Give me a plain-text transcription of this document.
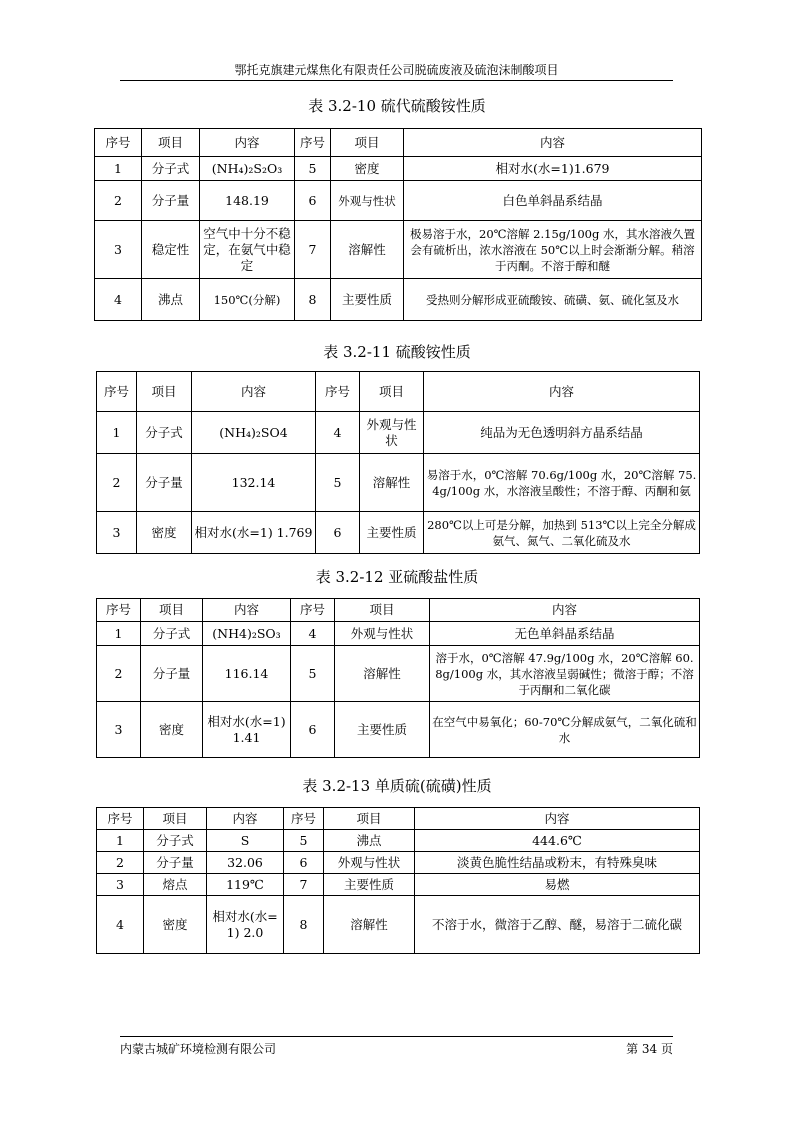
鄂托克旗建元煤焦化有限责任公司脱硫废液及硫泡沫制酸项目
表 3.2-10 硫代硫酸铵性质
序号	项目	内容	序号	项目	内容
1	分子式	(NH₄)₂S₂O₃	5	密度	相对水(水=1)1.679
2	分子量	148.19	6	外观与性状	白色单斜晶系结晶
3	稳定性	空气中十分不稳定，在氨气中稳定	7	溶解性	极易溶于水，20℃溶解 2.15g/100g 水，其水溶液久置会有硫析出，浓水溶液在 50℃以上时会渐渐分解。稍溶于丙酮。不溶于醇和醚
4	沸点	150℃(分解)	8	主要性质	受热则分解形成亚硫酸铵、硫磺、氨、硫化氢及水
表 3.2-11 硫酸铵性质
序号	项目	内容	序号	项目	内容
1	分子式	(NH₄)₂SO4	4	外观与性状	纯品为无色透明斜方晶系结晶
2	分子量	132.14	5	溶解性	易溶于水，0℃溶解 70.6g/100g 水，20℃溶解 75.4g/100g 水，水溶液呈酸性；不溶于醇、丙酮和氨
3	密度	相对水(水=1) 1.769	6	主要性质	280℃以上可是分解，加热到 513℃以上完全分解成氨气、氮气、二氧化硫及水
表 3.2-12 亚硫酸盐性质
序号	项目	内容	序号	项目	内容
1	分子式	(NH4)₂SO₃	4	外观与性状	无色单斜晶系结晶
2	分子量	116.14	5	溶解性	溶于水，0℃溶解 47.9g/100g 水，20℃溶解 60.8g/100g 水，其水溶液呈弱碱性；微溶于醇；不溶于丙酮和二氧化碳
3	密度	相对水(水=1)1.41	6	主要性质	在空气中易氧化；60-70℃分解成氨气，二氧化硫和水
表 3.2-13 单质硫(硫磺)性质
序号	项目	内容	序号	项目	内容
1	分子式	S	5	沸点	444.6℃
2	分子量	32.06	6	外观与性状	淡黄色脆性结晶或粉末，有特殊臭味
3	熔点	119℃	7	主要性质	易燃
4	密度	相对水(水=1) 2.0	8	溶解性	不溶于水，微溶于乙醇、醚，易溶于二硫化碳
内蒙古城矿环境检测有限公司	第 34 页
